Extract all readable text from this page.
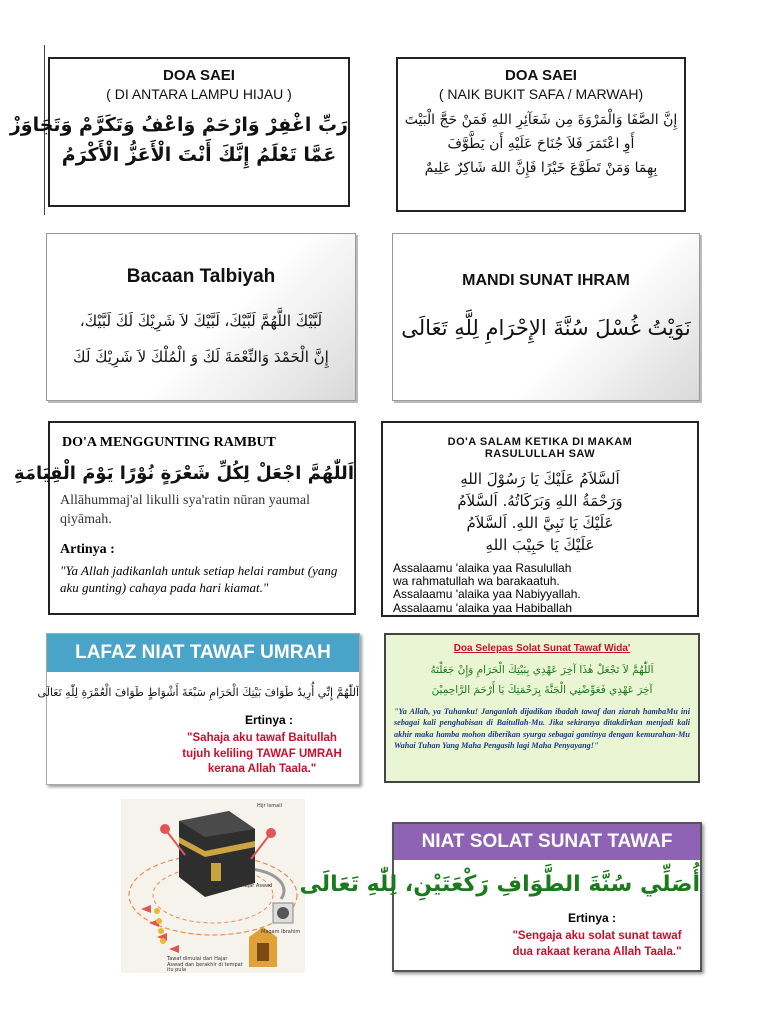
DOA SAEI
( DI ANTARA LAMPU HIJAU )
رَبِّ اغْفِرْ وَارْحَمْ وَاعْفُ وَتَكَرَّمْ وَتَجَاوَزْ
عَمَّا تَعْلَمُ إِنَّكَ أَنْتَ الْأَعَزُّ الْأَكْرَمُ
DOA SAEI
( NAIK BUKIT SAFA / MARWAH)
إِنَّ الصَّفَا وَالْمَرْوَةَ مِن شَعَآئِرِ اللهِ فَمَنْ حَجَّ الْبَيْتَ
أَوِ اعْتَمَرَ فَلاَ جُنَاحَ عَلَيْهِ أَن يَطَّوَّفَ
بِهِمَا وَمَنْ تَطَوَّعَ خَيْرًا فَإِنَّ اللهَ شَاكِرٌ عَلِيمٌ
Bacaan Talbiyah
لَبَّيْكَ اللَّهُمَّ لَبَّيْكَ، لَبَّيْكَ لاَ شَرِيْكَ لَكَ لَبَّيْكَ،
إِنَّ الْحَمْدَ وَالنِّعْمَةَ لَكَ وَ الْمُلْكَ لاَ شَرِيْكَ لَكَ
MANDI SUNAT IHRAM
نَوَيْتُ غُسْلَ سُنَّةَ الإِحْرَامِ لِلَّهِ تَعَالَى
DO'A MENGGUNTING RAMBUT
اَللّٰهُمَّ اجْعَلْ لِكُلِّ شَعْرَةٍ نُوْرًا يَوْمَ الْقِيَامَةِ
Allāhummaj'al likulli sya'ratin nūran yaumal qiyāmah.
Artinya :
"Ya Allah jadikanlah untuk setiap helai rambut (yang aku gunting) cahaya pada hari kiamat."
DO'A SALAM KETIKA DI MAKAM
RASULULLAH SAW
اَلسَّلاَمُ عَلَيْكَ يَا رَسُوْلَ اللهِ
وَرَحْمَةُ اللهِ وَبَرَكَاتُهُ. اَلسَّلاَمُ
عَلَيْكَ يَا نَبِيَّ اللهِ. اَلسَّلاَمُ
عَلَيْكَ يَا حَبِيْبَ اللهِ
Assalaamu 'alaika yaa Rasulullah
wa rahmatullah wa barakaatuh.
Assalaamu 'alaika yaa Nabiyyallah.
Assalaamu 'alaika yaa Habiballah
LAFAZ NIAT TAWAF UMRAH
اَللّٰهُمَّ إِنِّي أُرِيدُ طَوَافَ بَيْتِكَ الْحَرَامِ سَبْعَةَ أَشْوَاطٍ طَوَافَ الْعُمْرَةِ لِلّٰهِ تَعَالَى
Ertinya :
"Sahaja aku tawaf Baitullah tujuh keliling TAWAF UMRAH kerana Allah Taala."
Doa Selepas Solat Sunat Tawaf Wida'
اَللّٰهُمَّ لاَ تَجْعَلْ هٰذَا آخِرَ عَهْدِي بِبَيْتِكَ الْحَرَامِ وَإِنْ جَعَلْتَهُ
آخِرَ عَهْدِي فَعَوِّضْنِي الْجَنَّةَ بِرَحْمَتِكَ يَا أَرْحَمَ الرَّاحِمِيْنَ
"Ya Allah, ya Tuhanku! Janganlah dijadikan ibadah tawaf dan ziarah hambaMu ini sebagai kali penghabisan di Baitullah-Mu. Jika sekiranya ditakdirkan menjadi kali akhir maka hamba mohon diberikan syurga sebagai gantinya dengan kemurahan-Mu Wahai Tuhan Yang Maha Pengasih lagi Maha Penyayang!"
Hajar Aswad
Hijr Ismail
Maqam Ibrahim
Tawaf dimulai dari Hajar Aswad dan berakhir di tempat itu pula
NIAT SOLAT SUNAT TAWAF
أُصَلِّي سُنَّةَ الطَّوَافِ رَكْعَتَيْنِ، لِلّٰهِ تَعَالَى
Ertinya :
"Sengaja aku solat sunat tawaf dua rakaat kerana Allah Taala."
